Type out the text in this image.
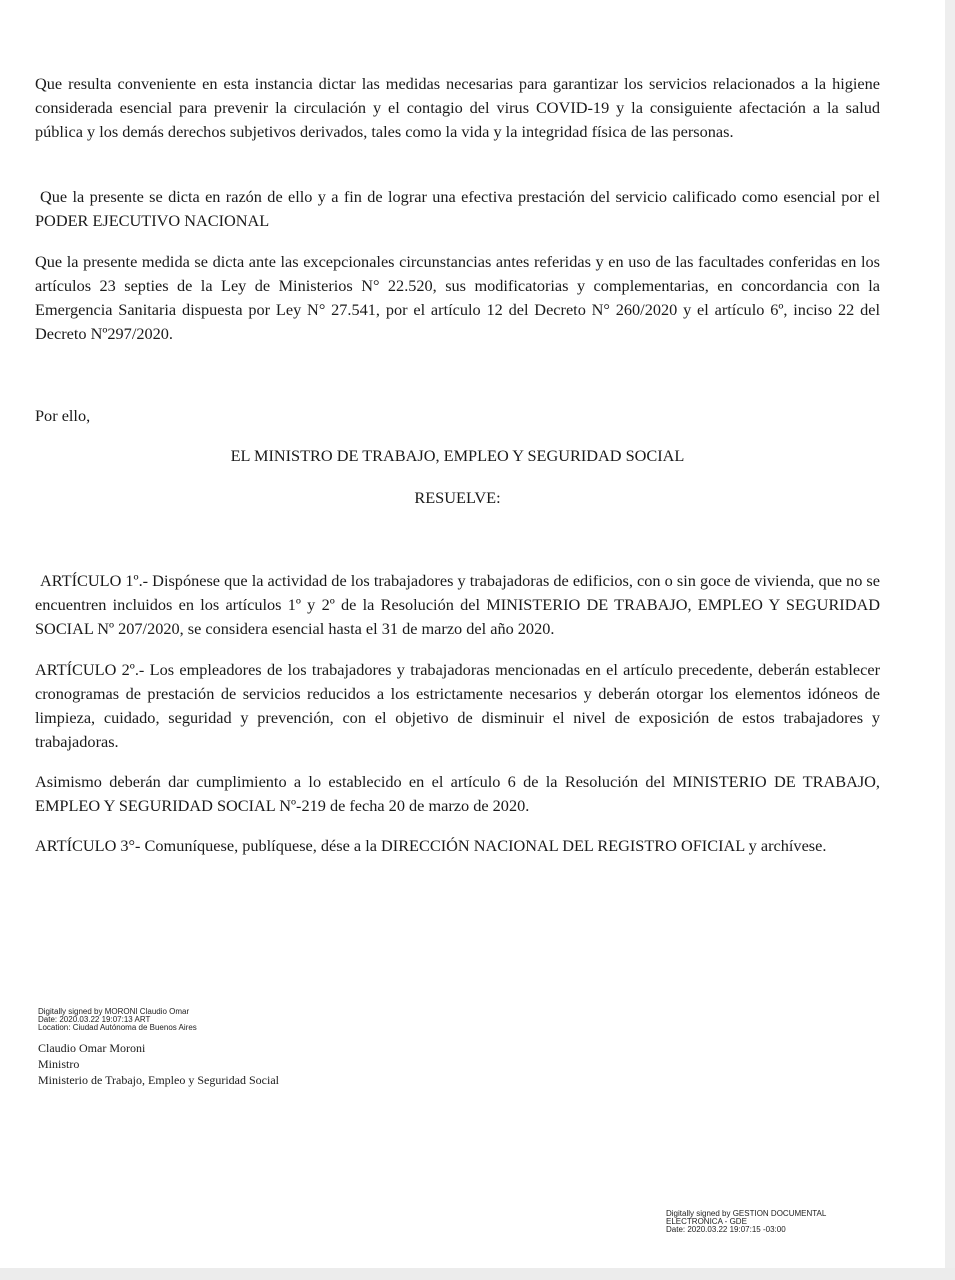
Que resulta conveniente en esta instancia dictar las medidas necesarias para garantizar los servicios relacionados a la higiene considerada esencial para prevenir la circulación y el contagio del virus COVID-19 y la consiguiente afectación a la salud pública y los demás derechos subjetivos derivados, tales como la vida y la integridad física de las personas.

Que la presente se dicta en razón de ello y a fin de lograr una efectiva prestación del servicio calificado como esencial por el PODER EJECUTIVO NACIONAL

Que la presente medida se dicta ante las excepcionales circunstancias antes referidas y en uso de las facultades conferidas en los artículos 23 septies de la Ley de Ministerios N° 22.520, sus modificatorias y complementarias, en concordancia con la Emergencia Sanitaria dispuesta por Ley N° 27.541, por el artículo 12 del Decreto N° 260/2020 y el artículo 6º, inciso 22 del Decreto Nº297/2020.

Por ello,

EL MINISTRO DE TRABAJO, EMPLEO Y SEGURIDAD SOCIAL

RESUELVE:

ARTÍCULO 1º.- Dispónese que la actividad de los trabajadores y trabajadoras de edificios, con o sin goce de vivienda, que no se encuentren incluidos en los artículos 1º y 2º de la Resolución del MINISTERIO DE TRABAJO, EMPLEO Y SEGURIDAD SOCIAL Nº 207/2020, se considera esencial hasta el 31 de marzo del año 2020.

ARTÍCULO 2º.- Los empleadores de los trabajadores y trabajadoras mencionadas en el artículo precedente, deberán establecer cronogramas de prestación de servicios reducidos a los estrictamente necesarios y deberán otorgar los elementos idóneos de limpieza, cuidado, seguridad y prevención, con el objetivo de disminuir el nivel de exposición de estos trabajadores y trabajadoras.

Asimismo deberán dar cumplimiento a lo establecido en el artículo 6 de la Resolución del MINISTERIO DE TRABAJO, EMPLEO Y SEGURIDAD SOCIAL Nº-219 de fecha 20 de marzo de 2020.

ARTÍCULO 3°- Comuníquese, publíquese, dése a la DIRECCIÓN NACIONAL DEL REGISTRO OFICIAL y archívese.

Digitally signed by MORONI Claudio Omar

Date: 2020.03.22 19:07:13 ART

Location: Ciudad Autónoma de Buenos Aires

Claudio Omar Moroni

Ministro

Ministerio de Trabajo, Empleo y Seguridad Social

Digitally signed by GESTION DOCUMENTAL

ELECTRONICA - GDE

Date: 2020.03.22 19:07:15 -03:00
